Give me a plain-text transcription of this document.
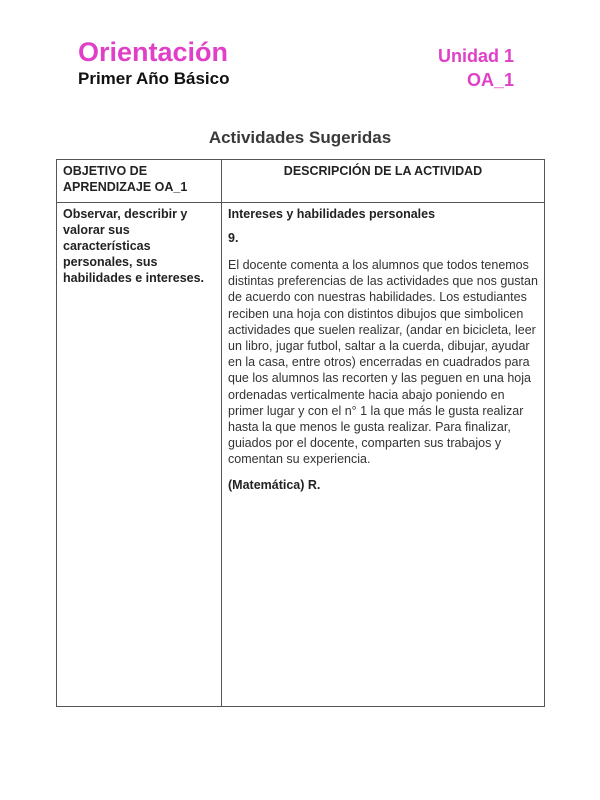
Orientación
Primer Año Básico
Unidad 1
OA_1
Actividades Sugeridas
OBJETIVO DE APRENDIZAJE OA_1	DESCRIPCIÓN DE LA ACTIVIDAD
Observar, describir y valorar sus características personales, sus habilidades e intereses.	Intereses y habilidades personales

9.

El docente comenta a los alumnos que todos tenemos distintas preferencias de las actividades que nos gustan de acuerdo con nuestras habilidades. Los estudiantes reciben una hoja con distintos dibujos que simbolicen actividades que suelen realizar, (andar en bicicleta, leer un libro, jugar futbol, saltar a la cuerda, dibujar, ayudar en la casa, entre otros) encerradas en cuadrados para que los alumnos las recorten y las peguen en una hoja ordenadas verticalmente hacia abajo poniendo en primer lugar y con el n° 1 la que más le gusta realizar hasta la que menos le gusta realizar. Para finalizar, guiados por el docente, comparten sus trabajos y comentan su experiencia.

(Matemática) R.
